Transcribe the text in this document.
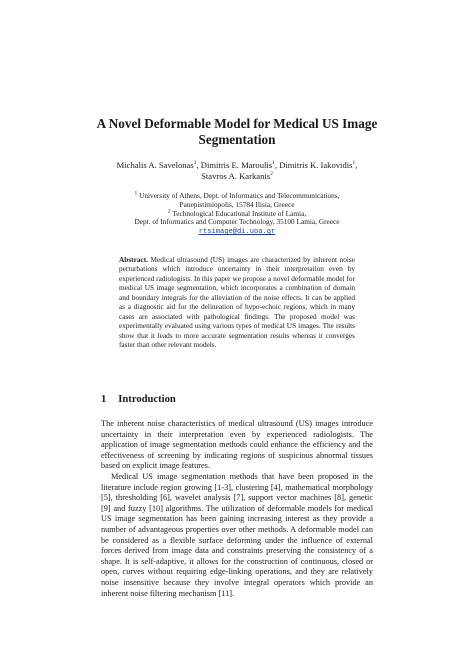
A Novel Deformable Model for Medical US Image Segmentation
Michalis A. Savelonas$^1$, Dimitris E. Maroulis$^1$, Dimitris K. Iakovidis$^1$,
Stavros A. Karkanis$^2$
$^1$ University of Athens, Dept. of Informatics and Telecommunications,
Panepistimiopolis, 15784 Ilisia, Greece
$^2$ Technological Educational Institute of Lamia,
Dept. of Informatics and Computer Technology, 35100 Lamia, Greece
rtsimage@di.uoa.gr
Abstract. Medical ultrasound (US) images are characterized by inherent noise perturbations which introduce uncertainty in their interpretation even by experienced radiologists. In this paper we propose a novel deformable model for medical US image segmentation, which incorporates a combination of domain and boundary integrals for the alleviation of the noise effects. It can be applied as a diagnostic aid for the delineation of hypo-echoic regions, which in many cases are associated with pathological findings. The proposed model was experimentally evaluated using various types of medical US images. The results show that it leads to more accurate segmentation results whereas it converges faster than other relevant models.
1 Introduction

The inherent noise characteristics of medical ultrasound (US) images introduce uncertainty in their interpretation even by experienced radiologists. The application of image segmentation methods could enhance the efficiency and the effectiveness of screening by indicating regions of suspicious abnormal tissues based on explicit image features.

Medical US image segmentation methods that have been proposed in the literature include region growing [1-3], clustering [4], mathematical morphology [5], thresholding [6], wavelet analysis [7], support vector machines [8], genetic [9] and fuzzy [10] algorithms. The utilization of deformable models for medical US image segmentation has been gaining increasing interest as they provide a number of advantageous properties over other methods. A deformable model can be considered as a flexible surface deforming under the influence of external forces derived from image data and constraints preserving the consistency of a shape. It is self-adaptive, it allows for the construction of continuous, closed or open, curves without requiring edge-linking operations, and they are relatively noise insensitive because they involve integral operators which provide an inherent noise filtering mechanism [11].
